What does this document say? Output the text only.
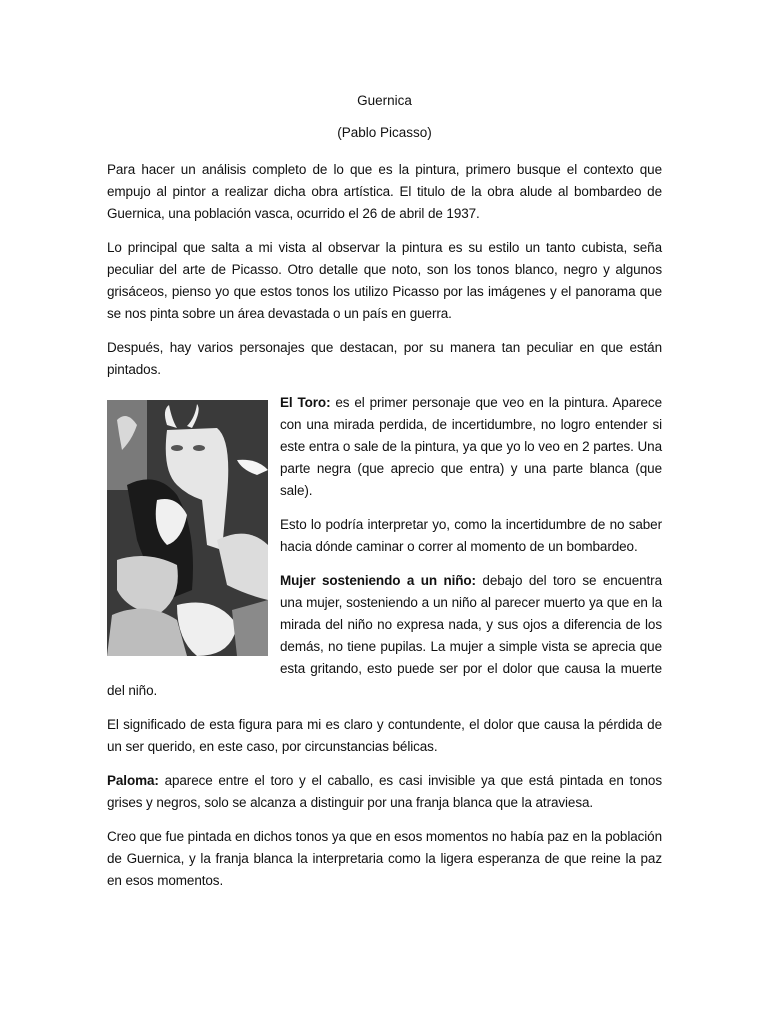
Guernica
(Pablo Picasso)
Para hacer un análisis completo de lo que es la pintura, primero busque el contexto que empujo al pintor a realizar dicha obra artística. El titulo de la obra alude al bombardeo de Guernica, una población vasca, ocurrido el 26 de abril de 1937.
Lo principal que salta a mi vista al observar la pintura es su estilo un tanto cubista, seña peculiar del arte de Picasso. Otro detalle que noto, son los tonos blanco, negro y algunos grisáceos, pienso yo que estos tonos los utilizo Picasso por las imágenes y el panorama que se nos pinta sobre un área devastada o un país en guerra.
Después, hay varios personajes que destacan, por su manera tan peculiar en que están pintados.

El Toro: es el primer personaje que veo en la pintura. Aparece con una mirada perdida, de incertidumbre, no logro entender si este entra o sale de la pintura, ya que yo lo veo en 2 partes. Una parte negra (que aprecio que entra) y una parte blanca (que sale).

Esto lo podría interpretar yo, como la incertidumbre de no saber hacia dónde caminar o correr al momento de un bombardeo.

Mujer sosteniendo a un niño: debajo del toro se encuentra una mujer, sosteniendo a un niño al parecer muerto ya que en la mirada del niño no expresa nada, y sus ojos a diferencia de los demás, no tiene pupilas. La mujer a simple vista se aprecia que esta gritando, esto puede ser por el dolor que causa la muerte del niño.

El significado de esta figura para mi es claro y contundente, el dolor que causa la pérdida de un ser querido, en este caso, por circunstancias bélicas.
Paloma: aparece entre el toro y el caballo, es casi invisible ya que está pintada en tonos grises y negros, solo se alcanza a distinguir por una franja blanca que la atraviesa.
Creo que fue pintada en dichos tonos ya que en esos momentos no había paz en la población de Guernica, y la franja blanca la interpretaria como la ligera esperanza de que reine la paz en esos momentos.
